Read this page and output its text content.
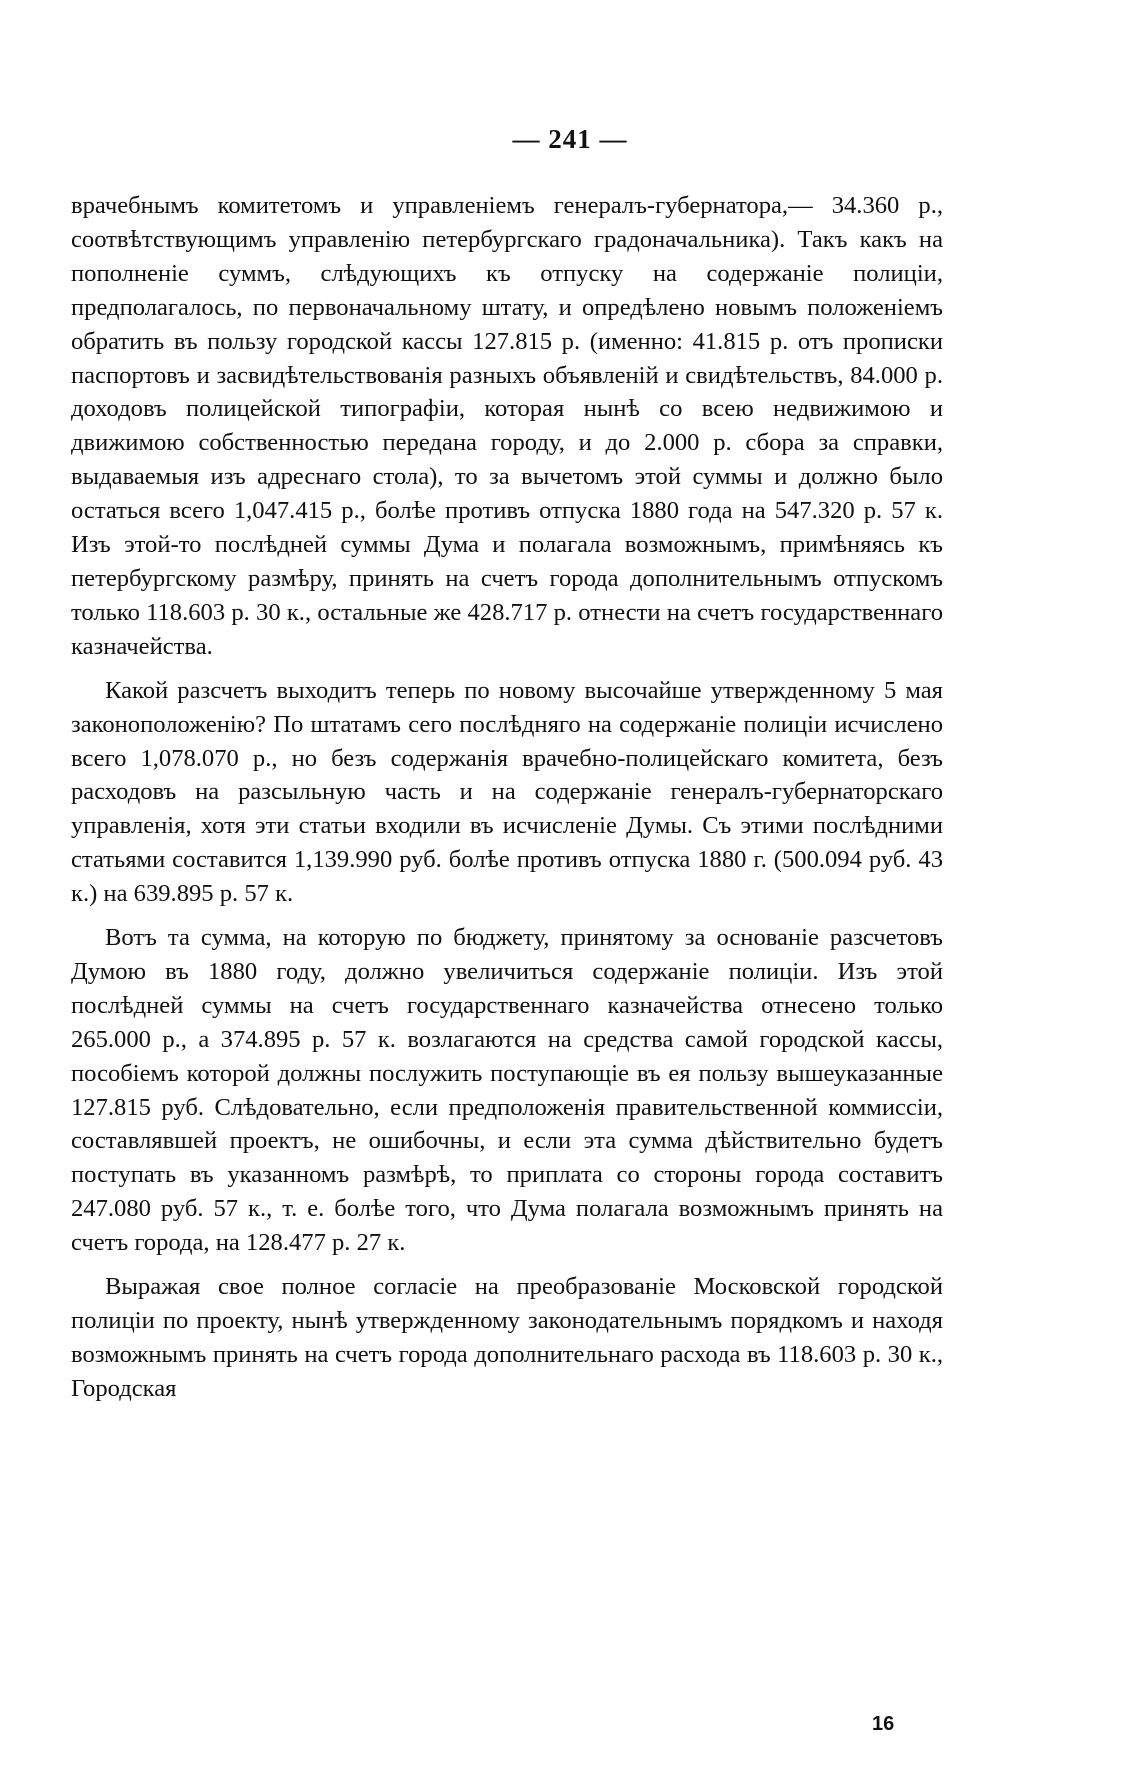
— 241 —

врачебнымъ комитетомъ и управленіемъ генералъ-губернатора,— 34.360 р., соотвѣтствующимъ управленію петербургскаго градоначальника). Такъ какъ на пополненіе суммъ, слѣдующихъ къ отпуску на содержаніе полиціи, предполагалось, по первоначальному штату, и опредѣлено новымъ положеніемъ обратить въ пользу городской кассы 127.815 р. (именно: 41.815 р. отъ прописки паспортовъ и засвидѣтельствованія разныхъ объявленій и свидѣтельствъ, 84.000 р. доходовъ полицейской типографіи, которая нынѣ со всею недвижимою и движимою собственностью передана городу, и до 2.000 р. сбора за справки, выдаваемыя изъ адреснаго стола), то за вычетомъ этой суммы и должно было остаться всего 1,047.415 р., болѣе противъ отпуска 1880 года на 547.320 р. 57 к. Изъ этой-то послѣдней суммы Дума и полагала возможнымъ, примѣняясь къ петербургскому размѣру, принять на счетъ города дополнительнымъ отпускомъ только 118.603 р. 30 к., остальные же 428.717 р. отнести на счетъ государственнаго казначейства.

Какой разсчетъ выходитъ теперь по новому высочайше утвержденному 5 мая законоположенію? По штатамъ сего послѣдняго на содержаніе полиціи исчислено всего 1,078.070 р., но безъ содержанія врачебно-полицейскаго комитета, безъ расходовъ на разсыльную часть и на содержаніе генералъ-губернаторскаго управленія, хотя эти статьи входили въ исчисленіе Думы. Съ этими послѣдними статьями составится 1,139.990 руб. болѣе противъ отпуска 1880 г. (500.094 руб. 43 к.) на 639.895 р. 57 к.

Вотъ та сумма, на которую по бюджету, принятому за основаніе разсчетовъ Думою въ 1880 году, должно увеличиться содержаніе полиціи. Изъ этой послѣдней суммы на счетъ государственнаго казначейства отнесено только 265.000 р., а 374.895 р. 57 к. возлагаются на средства самой городской кассы, пособіемъ которой должны послужить поступающіе въ ея пользу вышеуказанные 127.815 руб. Слѣдовательно, если предположенія правительственной коммиссіи, составлявшей проектъ, не ошибочны, и если эта сумма дѣйствительно будетъ поступать въ указанномъ размѣрѣ, то приплата со стороны города составитъ 247.080 руб. 57 к., т. е. болѣе того, что Дума полагала возможнымъ принять на счетъ города, на 128.477 р. 27 к.

Выражая свое полное согласіе на преобразованіе Московской городской полиціи по проекту, нынѣ утвержденному законодательнымъ порядкомъ и находя возможнымъ принять на счетъ города дополнительнаго расхода въ 118.603 р. 30 к., Городская

16
